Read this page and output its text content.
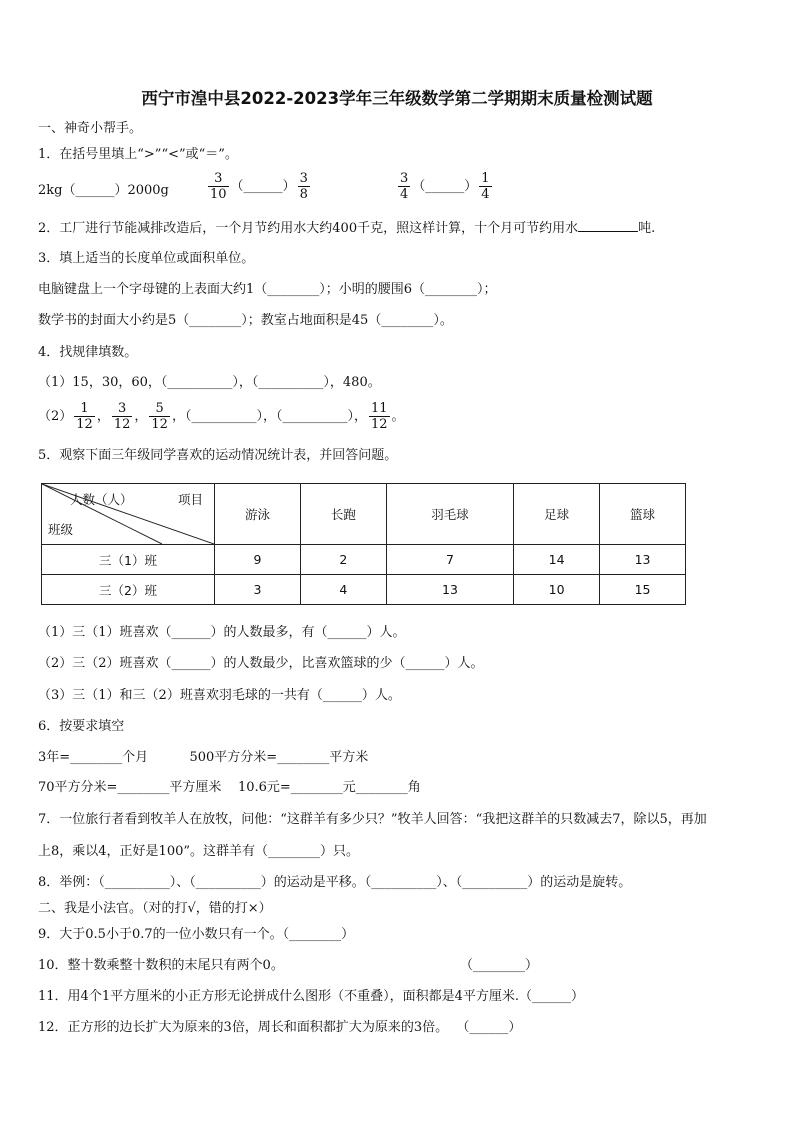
西宁市湟中县2022-2023学年三年级数学第二学期期末质量检测试题
一、神奇小帮手。
1．在括号里填上“>”“<”或“＝”。
2kg（______）2000g	$\frac{3}{10}$ （______） $\frac{3}{8}$	$\frac{3}{4}$ （______） $\frac{1}{4}$
2．工厂进行节能减排改造后，一个月节约用水大约400千克，照这样计算，十个月可节约用水	吨.
3．填上适当的长度单位或面积单位。
电脑键盘上一个字母键的上表面大约1（________）；小明的腰围6（________）；
数学书的封面大小约是5（________）；教室占地面积是45（________）。
4．找规律填数。
（1）15，30，60，（__________），（__________），480。
$(2) \frac{1}{12}$ ， $\frac{3}{12}$ ， $\frac{5}{12}$ ，（__________），（__________）， $\frac{11}{12}$ 。
5．观察下面三年级同学喜欢的运动情况统计表，并回答问题。
人数（人） 项目
班级	游泳	长跑	羽毛球	足球	篮球
三（1）班	9	2	7	14	13
三（2）班	3	4	13	10	15
（1）三（1）班喜欢（______）的人数最多，有（______）人。
（2）三（2）班喜欢（______）的人数最少，比喜欢篮球的少（______）人。
（3）三（1）和三（2）班喜欢羽毛球的一共有（______）人。
6．按要求填空
3年=________个月          500平方分米=________平方米
70平方分米=________平方厘米    10.6元=________元________角
7．一位旅行者看到牧羊人在放牧，问他：“这群羊有多少只？”牧羊人回答：“我把这群羊的只数减去7，除以5，再加
上8，乘以4，正好是100”。这群羊有（________）只。
8．举例：（__________）、（__________）的运动是平移。（__________）、（__________）的运动是旋转。
二、我是小法官。（对的打√，错的打×）
9．大于0.5小于0.7的一位小数只有一个。（________）
10．整十数乘整十数积的末尾只有两个0。	（________）
11．用4个1平方厘米的小正方形无论拼成什么图形（不重叠），面积都是4平方厘米.（______）
12．正方形的边长扩大为原来的3倍，周长和面积都扩大为原来的3倍。  （______）
